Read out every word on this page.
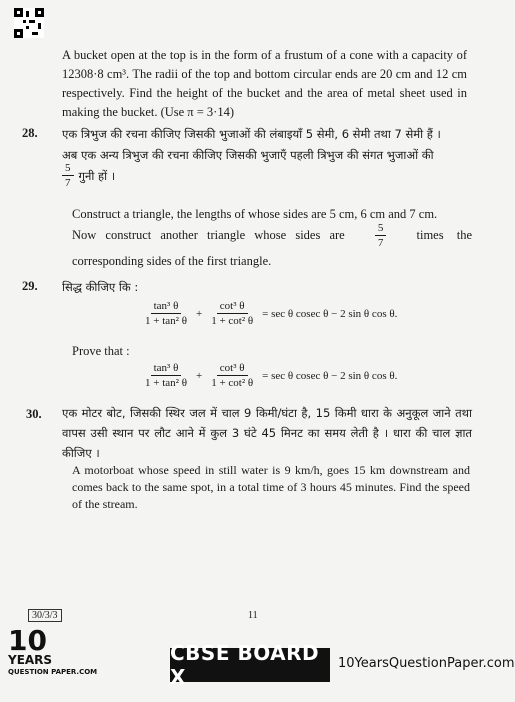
A bucket open at the top is in the form of a frustum of a cone with a capacity of 12308·8 cm³. The radii of the top and bottom circular ends are 20 cm and 12 cm respectively. Find the height of the bucket and the area of metal sheet used in making the bucket. (Use π = 3·14)
28. एक त्रिभुज की रचना कीजिए जिसकी भुजाओं की लंबाइयाँ 5 सेमी, 6 सेमी तथा 7 सेमी हैं ।
अब एक अन्य त्रिभुज की रचना कीजिए जिसकी भुजाएँ पहली त्रिभुज की संगत भुजाओं की
$\frac{5}{7}$ गुनी हों ।
Construct a triangle, the lengths of whose sides are 5 cm, 6 cm and 7 cm.
Now construct another triangle whose sides are	$\frac{5}{7}$ times the
corresponding sides of the first triangle.
29. सिद्ध कीजिए कि :
$\frac{\text{tan³ θ}}{\text{1 + tan² θ}} + \frac{\text{cot³ θ}}{\text{1 + cot² θ}} = \sec \theta$ cosec θ − 2 sin θ cos θ.
Prove that :
$\frac{\text{tan³ θ}}{\text{1 + tan² θ}} + \frac{\text{cot³ θ}}{\text{1 + cot² θ}} = \sec \theta$ cosec θ − 2 sin θ cos θ.
30. एक मोटर बोट, जिसकी स्थिर जल में चाल 9 किमी/घंटा है, 15 किमी धारा के अनुकूल जाने तथा वापस उसी स्थान पर लौट आने में कुल 3 घंटे 45 मिनट का समय लेती है । धारा की चाल ज्ञात कीजिए ।
A motorboat whose speed in still water is 9 km/h, goes 15 km downstream and comes back to the same spot, in a total time of 3 hours 45 minutes. Find the speed of the stream.
30/3/3	11
10
YEARS
QUESTION PAPER.COM
CBSE BOARD X
10YearsQuestionPaper.com
